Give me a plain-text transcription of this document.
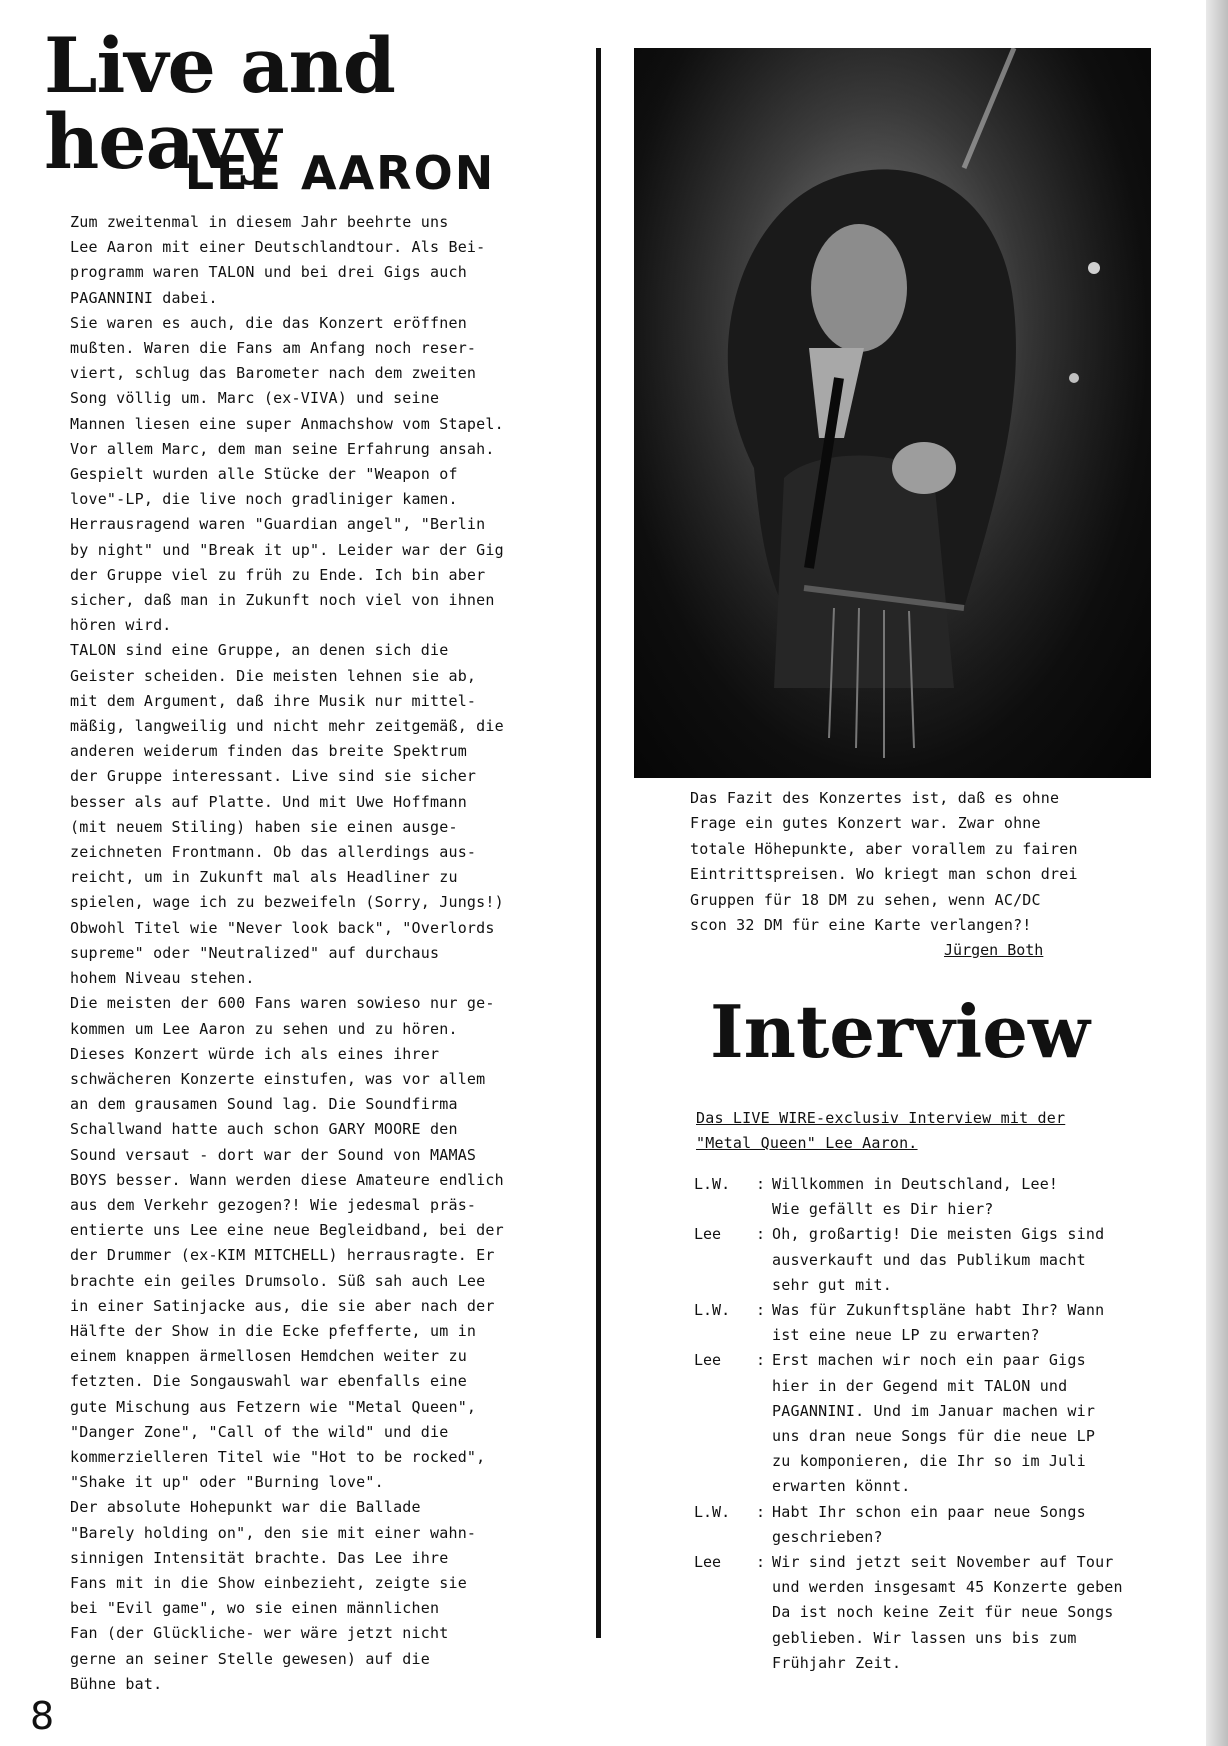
Live and heavy
LEE AARON

Zum zweitenmal in diesem Jahr beehrte uns

Lee Aaron mit einer Deutschlandtour. Als Bei-

programm waren TALON und bei drei Gigs auch

PAGANNINI dabei.

Sie waren es auch, die das Konzert eröffnen

mußten. Waren die Fans am Anfang noch reser-

viert, schlug das Barometer nach dem zweiten

Song völlig um. Marc (ex-VIVA) und seine

Mannen liesen eine super Anmachshow vom Stapel.

Vor allem Marc, dem man seine Erfahrung ansah.

Gespielt wurden alle Stücke der "Weapon of

love"-LP, die live noch gradliniger kamen.

Herrausragend waren "Guardian angel", "Berlin

by night" und "Break it up". Leider war der Gig

der Gruppe viel zu früh zu Ende. Ich bin aber

sicher, daß man in Zukunft noch viel von ihnen

hören wird.

TALON sind eine Gruppe, an denen sich die

Geister scheiden. Die meisten lehnen sie ab,

mit dem Argument, daß ihre Musik nur mittel-

mäßig, langweilig und nicht mehr zeitgemäß, die

anderen weiderum finden das breite Spektrum

der Gruppe interessant. Live sind sie sicher

besser als auf Platte. Und mit Uwe Hoffmann

(mit neuem Stiling) haben sie einen ausge-

zeichneten Frontmann. Ob das allerdings aus-

reicht, um in Zukunft mal als Headliner zu

spielen, wage ich zu bezweifeln (Sorry, Jungs!)

Obwohl Titel wie "Never look back", "Overlords

supreme" oder "Neutralized" auf durchaus

hohem Niveau stehen.

Die meisten der 600 Fans waren sowieso nur ge-

kommen um Lee Aaron zu sehen und zu hören.

Dieses Konzert würde ich als eines ihrer

schwächeren Konzerte einstufen, was vor allem

an dem grausamen Sound lag. Die Soundfirma

Schallwand hatte auch schon GARY MOORE den

Sound versaut - dort war der Sound von MAMAS

BOYS besser. Wann werden diese Amateure endlich

aus dem Verkehr gezogen?! Wie jedesmal präs-

entierte uns Lee eine neue Begleidband, bei der

der Drummer (ex-KIM MITCHELL) herrausragte. Er

brachte ein geiles Drumsolo. Süß sah auch Lee

in einer Satinjacke aus, die sie aber nach der

Hälfte der Show in die Ecke pfefferte, um in

einem knappen ärmellosen Hemdchen weiter zu

fetzten. Die Songauswahl war ebenfalls eine

gute Mischung aus Fetzern wie "Metal Queen",

"Danger Zone", "Call of the wild" und die

kommerzielleren Titel wie "Hot to be rocked",

"Shake it up" oder "Burning love".

Der absolute Hohepunkt war die Ballade

"Barely holding on", den sie mit einer wahn-

sinnigen Intensität brachte. Das Lee ihre

Fans mit in die Show einbezieht, zeigte sie

bei "Evil game", wo sie einen männlichen

Fan (der Glückliche- wer wäre jetzt nicht

gerne an seiner Stelle gewesen) auf die

Bühne bat.

Das Fazit des Konzertes ist, daß es ohne

Frage ein gutes Konzert war. Zwar ohne

totale Höhepunkte, aber vorallem zu fairen

Eintrittspreisen. Wo kriegt man schon drei

Gruppen für 18 DM zu sehen, wenn AC/DC

scon 32 DM für eine Karte verlangen?!

Jürgen Both
Interview

Das LIVE WIRE-exclusiv Interview mit der

"Metal Queen" Lee Aaron.

L.W.	: Willkommen in Deutschland, Lee!

Wie gefällt es Dir hier?

Lee	: Oh, großartig! Die meisten Gigs sind

ausverkauft und das Publikum macht

sehr gut mit.

L.W.	: Was für Zukunftspläne habt Ihr? Wann

ist eine neue LP zu erwarten?

Lee	: Erst machen wir noch ein paar Gigs

hier in der Gegend mit TALON und

PAGANNINI. Und im Januar machen wir

uns dran neue Songs für die neue LP

zu komponieren, die Ihr so im Juli

erwarten könnt.

L.W.	: Habt Ihr schon ein paar neue Songs

geschrieben?

Lee	: Wir sind jetzt seit November auf Tour

und werden insgesamt 45 Konzerte geben

Da ist noch keine Zeit für neue Songs

geblieben. Wir lassen uns bis zum

Frühjahr Zeit.

8
